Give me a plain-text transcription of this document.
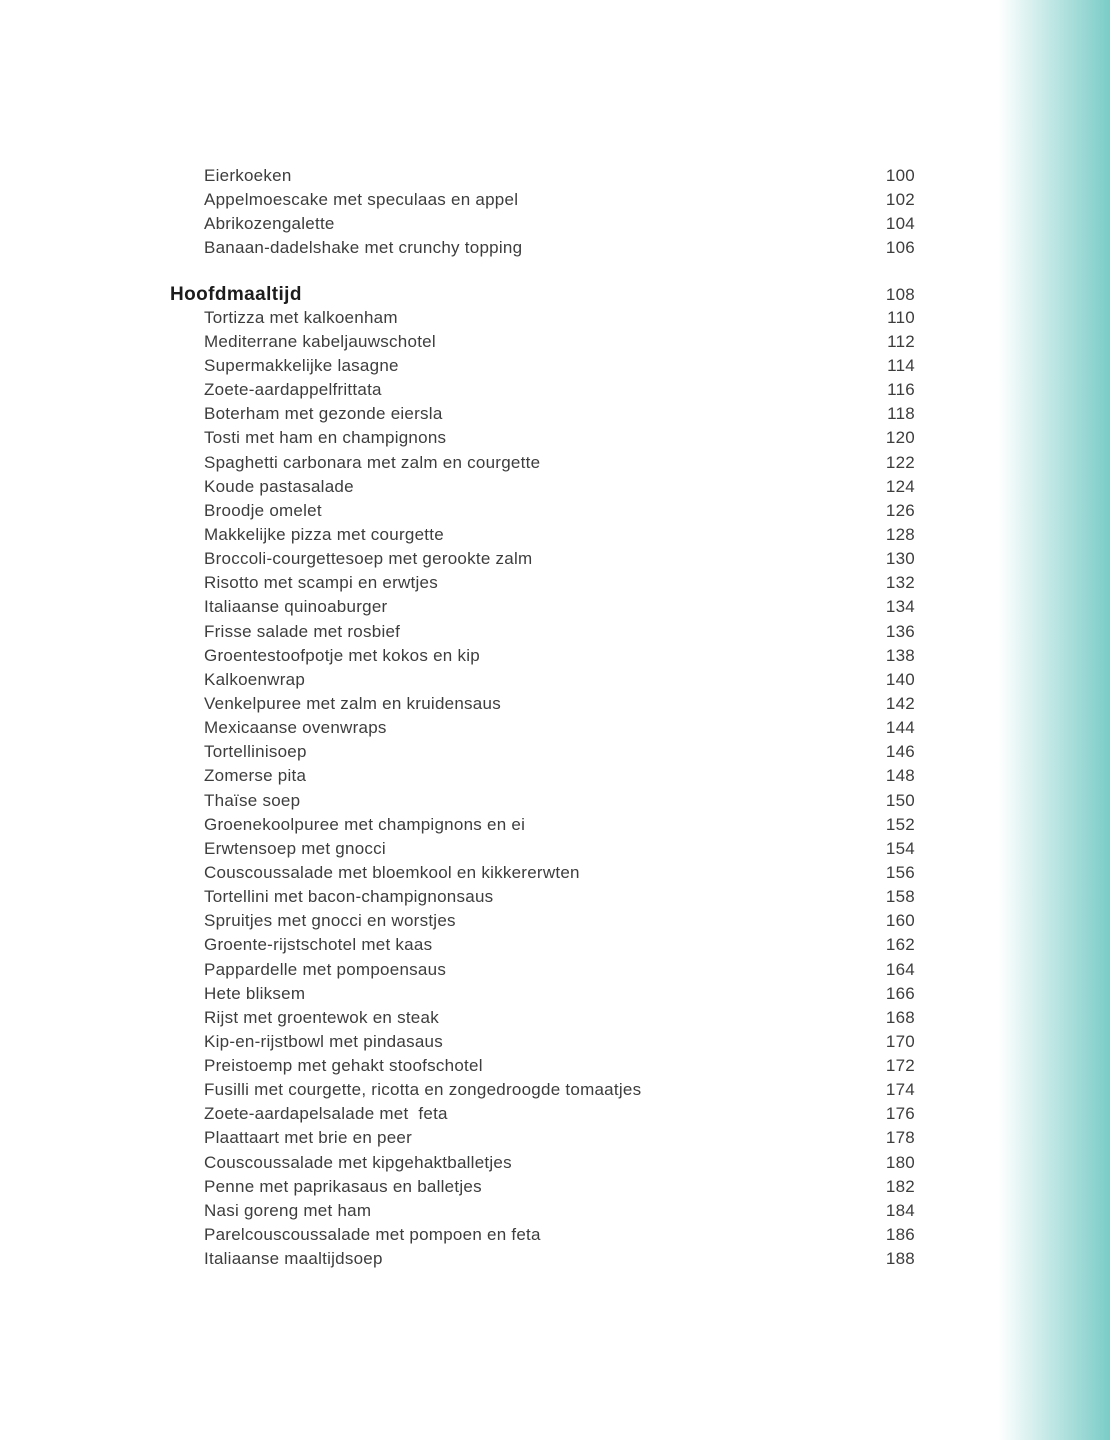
Eierkoeken	100
Appelmoescake met speculaas en appel	102
Abrikozengalette	104
Banaan-dadelshake met crunchy topping	106
Hoofdmaaltijd	108
Tortizza met kalkoenham	110
Mediterrane kabeljauwschotel	112
Supermakkelijke lasagne	114
Zoete-aardappelfrittata	116
Boterham met gezonde eiersla	118
Tosti met ham en champignons	120
Spaghetti carbonara met zalm en courgette	122
Koude pastasalade	124
Broodje omelet	126
Makkelijke pizza met courgette	128
Broccoli-courgettesoep met gerookte zalm	130
Risotto met scampi en erwtjes	132
Italiaanse quinoaburger	134
Frisse salade met rosbief	136
Groentestoofpotje met kokos en kip	138
Kalkoenwrap	140
Venkelpuree met zalm en kruidensaus	142
Mexicaanse ovenwraps	144
Tortellinisoep	146
Zomerse pita	148
Thaïse soep	150
Groenekoolpuree met champignons en ei	152
Erwtensoep met gnocci	154
Couscoussalade met bloemkool en kikkererwten	156
Tortellini met bacon-champignonsaus	158
Spruitjes met gnocci en worstjes	160
Groente-rijstschotel met kaas	162
Pappardelle met pompoensaus	164
Hete bliksem	166
Rijst met groentewok en steak	168
Kip-en-rijstbowl met pindasaus	170
Preistoemp met gehakt stoofschotel	172
Fusilli met courgette, ricotta en zongedroogde tomaatjes	174
Zoete-aardapelsalade met  feta	176
Plaattaart met brie en peer	178
Couscoussalade met kipgehaktballetjes	180
Penne met paprikasaus en balletjes	182
Nasi goreng met ham	184
Parelcouscoussalade met pompoen en feta	186
Italiaanse maaltijdsoep	188
